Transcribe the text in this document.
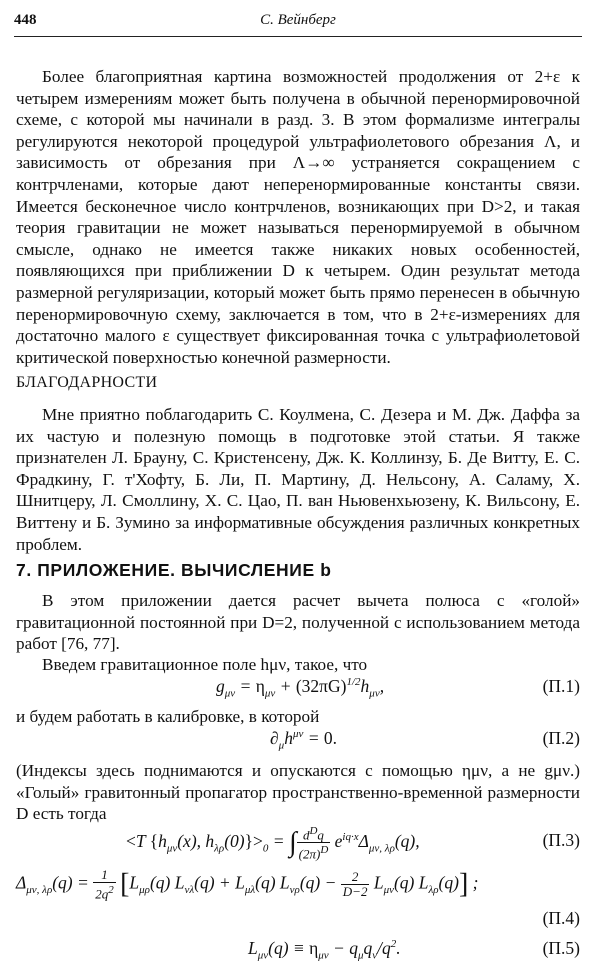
448	С. Вейнберг
Более благоприятная картина возможностей продолжения от 2+ε к четырем измерениям может быть получена в обычной перенормировочной схеме, с которой мы начинали в разд. 3. В этом формализме интегралы регулируются некоторой процедурой ультрафиолетового обрезания Λ, и зависимость от обрезания при Λ→∞ устраняется сокращением с контрчленами, которые дают неперенормированные константы связи. Имеется бесконечное число контрчленов, возникающих при D>2, и такая теория гравитации не может называться перенормируемой в обычном смысле, однако не имеется также никаких новых особенностей, появляющихся при приближении D к четырем. Один результат метода размерной регуляризации, который может быть прямо перенесен в обычную перенормировочную схему, заключается в том, что в 2+ε-измерениях для достаточно малого ε существует фиксированная точка с ультрафиолетовой критической поверхностью конечной размерности.
БЛАГОДАРНОСТИ
Мне приятно поблагодарить С. Коулмена, С. Дезера и М. Дж. Даффа за их частую и полезную помощь в подготовке этой статьи. Я также признателен Л. Брауну, С. Кристенсену, Дж. К. Коллинзу, Б. Де Витту, Е. С. Фрадкину, Г. т'Хофту, Б. Ли, П. Мартину, Д. Нельсону, А. Саламу, Х. Шнитцеру, Л. Смоллину, Х. С. Цао, П. ван Ньювенхьюзену, К. Вильсону, Е. Виттену и Б. Зумино за информативные обсуждения различных конкретных проблем.
7. ПРИЛОЖЕНИЕ. ВЫЧИСЛЕНИЕ b
В этом приложении дается расчет вычета полюса с «голой» гравитационной постоянной при D=2, полученной с использованием метода работ [76, 77].
Введем гравитационное поле hμν, такое, что
$g_{\mu\nu} = \eta_{\mu\nu} + (32\pi G)^{1/2}h_{\mu\nu}$,	(П.1)
и будем работать в калибровке, в которой
$\partial_\mu h^{\mu\nu} = 0$.	(П.2)
(Индексы здесь поднимаются и опускаются с помощью ημν, а не gμν.) «Голый» гравитонный пропагатор пространственно-временной размерности D есть тогда
<T {$h_{\mu\nu}(x)$, $h_{\lambda\rho}(0)\}>_0$ = ∫ $\frac{d^Dq}{(2\pi)^D} e^{iq\cdot x}\Delta_{\mu\nu, \lambda\rho}(q)$,	(П.3)
$\Delta_{\mu\nu, \lambda\rho}(q) = \frac{1}{2q^2} [L_{\mu\rho}(q) L_{\nu\lambda}(q) + L_{\mu\lambda}(q) L_{\nu\rho}(q) - \frac{2}{D-2} L_{\mu\nu}(q)$ $L_{\lambda\rho}(q)$] ;
(П.4)
$L_{\mu\nu}(q) \equiv \eta_{\mu\nu} - q_\mu q_\nu/q^2$.	(П.5)
